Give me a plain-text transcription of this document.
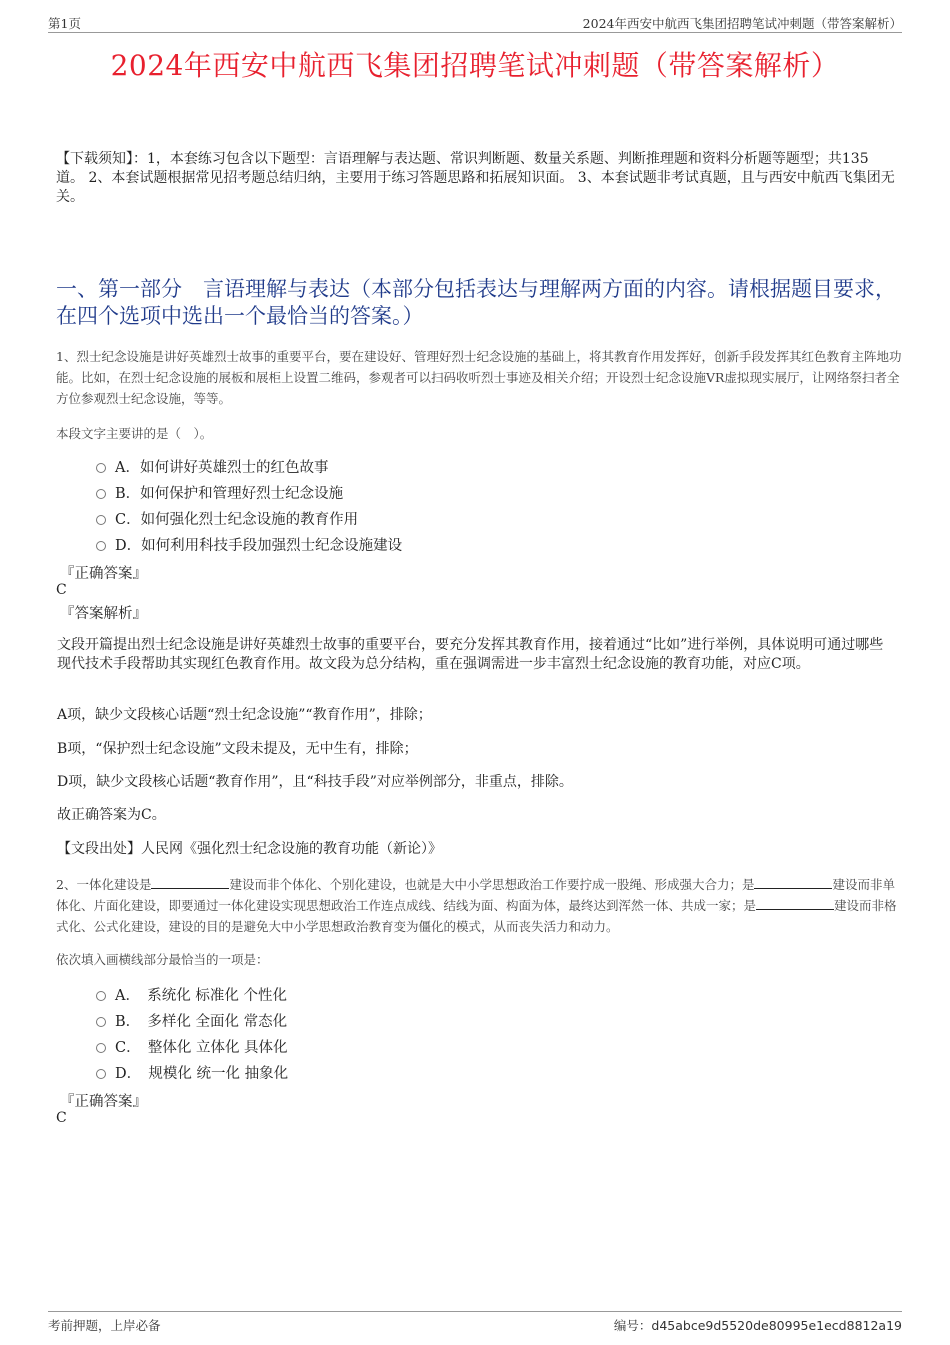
第1页	2024年西安中航西飞集团招聘笔试冲刺题（带答案解析）
2024年西安中航西飞集团招聘笔试冲刺题（带答案解析）
【下载须知】：1，本套练习包含以下题型：言语理解与表达题、常识判断题、数量关系题、判断推理题和资料分析题等题型；共135道。 2、本套试题根据常见招考题总结归纳，主要用于练习答题思路和拓展知识面。 3、本套试题非考试真题，且与西安中航西飞集团无关。
一、第一部分　言语理解与表达（本部分包括表达与理解两方面的内容。请根据题目要求，在四个选项中选出一个最恰当的答案。）
1、烈士纪念设施是讲好英雄烈士故事的重要平台，要在建设好、管理好烈士纪念设施的基础上，将其教育作用发挥好，创新手段发挥其红色教育主阵地功能。比如，在烈士纪念设施的展板和展柜上设置二维码，参观者可以扫码收听烈士事迹及相关介绍；开设烈士纪念设施VR虚拟现实展厅，让网络祭扫者全方位参观烈士纪念设施，等等。
本段文字主要讲的是（　）。
A．如何讲好英雄烈士的红色故事
B．如何保护和管理好烈士纪念设施
C．如何强化烈士纪念设施的教育作用
D．如何利用科技手段加强烈士纪念设施建设
『正确答案』
C
『答案解析』
文段开篇提出烈士纪念设施是讲好英雄烈士故事的重要平台，要充分发挥其教育作用，接着通过“比如”进行举例，具体说明可通过哪些现代技术手段帮助其实现红色教育作用。故文段为总分结构，重在强调需进一步丰富烈士纪念设施的教育功能，对应C项。
A项，缺少文段核心话题“烈士纪念设施”“教育作用”，排除；
B项，“保护烈士纪念设施”文段未提及，无中生有，排除；
D项，缺少文段核心话题“教育作用”，且“科技手段”对应举例部分，非重点，排除。
故正确答案为C。
【文段出处】人民网《强化烈士纪念设施的教育功能（新论）》
2、一体化建设是	建设而非个体化、个别化建设，也就是大中小学思想政治工作要拧成一股绳、形成强大合力；是	建设而非单体化、片面化建设，即要通过一体化建设实现思想政治工作连点成线、结线为面、构面为体，最终达到浑然一体、共成一家；是	建设而非格式化、公式化建设，建设的目的是避免大中小学思想政治教育变为僵化的模式，从而丧失活力和动力。
依次填入画横线部分最恰当的一项是：
A．　系统化 标准化 个性化
B．　多样化 全面化 常态化
C．　整体化 立体化 具体化
D．　规模化 统一化 抽象化
『正确答案』
C
考前押题，上岸必备	编号：d45abce9d5520de80995e1ecd8812a19
